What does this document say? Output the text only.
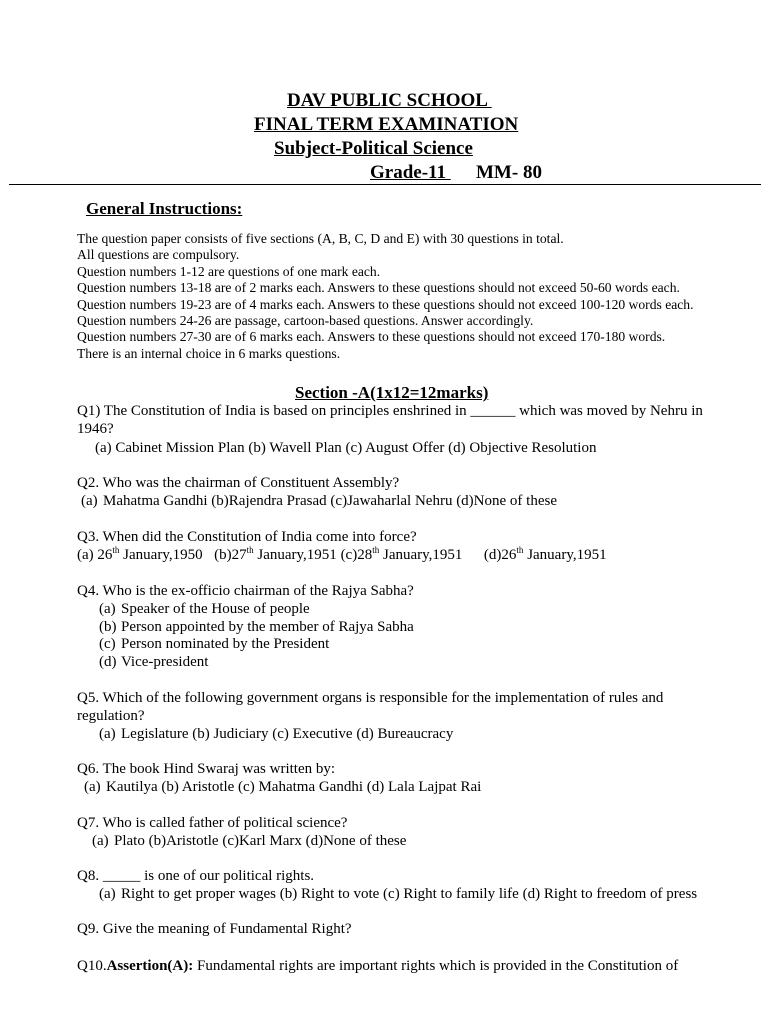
DAV PUBLIC SCHOOL
FINAL TERM EXAMINATION
Subject-Political Science
Grade-11 MM- 80
General Instructions:
The question paper consists of five sections (A, B, C, D and E) with 30 questions in total.
All questions are compulsory.
Question numbers 1-12 are questions of one mark each.
Question numbers 13-18 are of 2 marks each. Answers to these questions should not exceed 50-60 words each.
Question numbers 19-23 are of 4 marks each. Answers to these questions should not exceed 100-120 words each.
Question numbers 24-26 are passage, cartoon-based questions. Answer accordingly.
Question numbers 27-30 are of 6 marks each. Answers to these questions should not exceed 170-180 words.
There is an internal choice in 6 marks questions.
Section -A(1x12=12marks)
Q1) The Constitution of India is based on principles enshrined in ______ which was moved by Nehru in
1946?
(a) Cabinet Mission Plan (b) Wavell Plan (c) August Offer (d) Objective Resolution
Q2. Who was the chairman of Constituent Assembly?
(a) Mahatma Gandhi (b)Rajendra Prasad (c)Jawaharlal Nehru (d)None of these
Q3. When did the Constitution of India come into force?
(a) 26th January,1950 (b)27th January,1951 (c)28th January,1951 (d)26th January,1951
Q4. Who is the ex-officio chairman of the Rajya Sabha?
(a) Speaker of the House of people
(b) Person appointed by the member of Rajya Sabha
(c) Person nominated by the President
(d) Vice-president
Q5. Which of the following government organs is responsible for the implementation of rules and
regulation?
(a) Legislature (b) Judiciary (c) Executive (d) Bureaucracy
Q6. The book Hind Swaraj was written by:
(a) Kautilya (b) Aristotle (c) Mahatma Gandhi (d) Lala Lajpat Rai
Q7. Who is called father of political science?
(a) Plato (b)Aristotle (c)Karl Marx (d)None of these
Q8. _____ is one of our political rights.
(a) Right to get proper wages (b) Right to vote (c) Right to family life (d) Right to freedom of press
Q9. Give the meaning of Fundamental Right?
Q10.Assertion(A): Fundamental rights are important rights which is provided in the Constitution of
